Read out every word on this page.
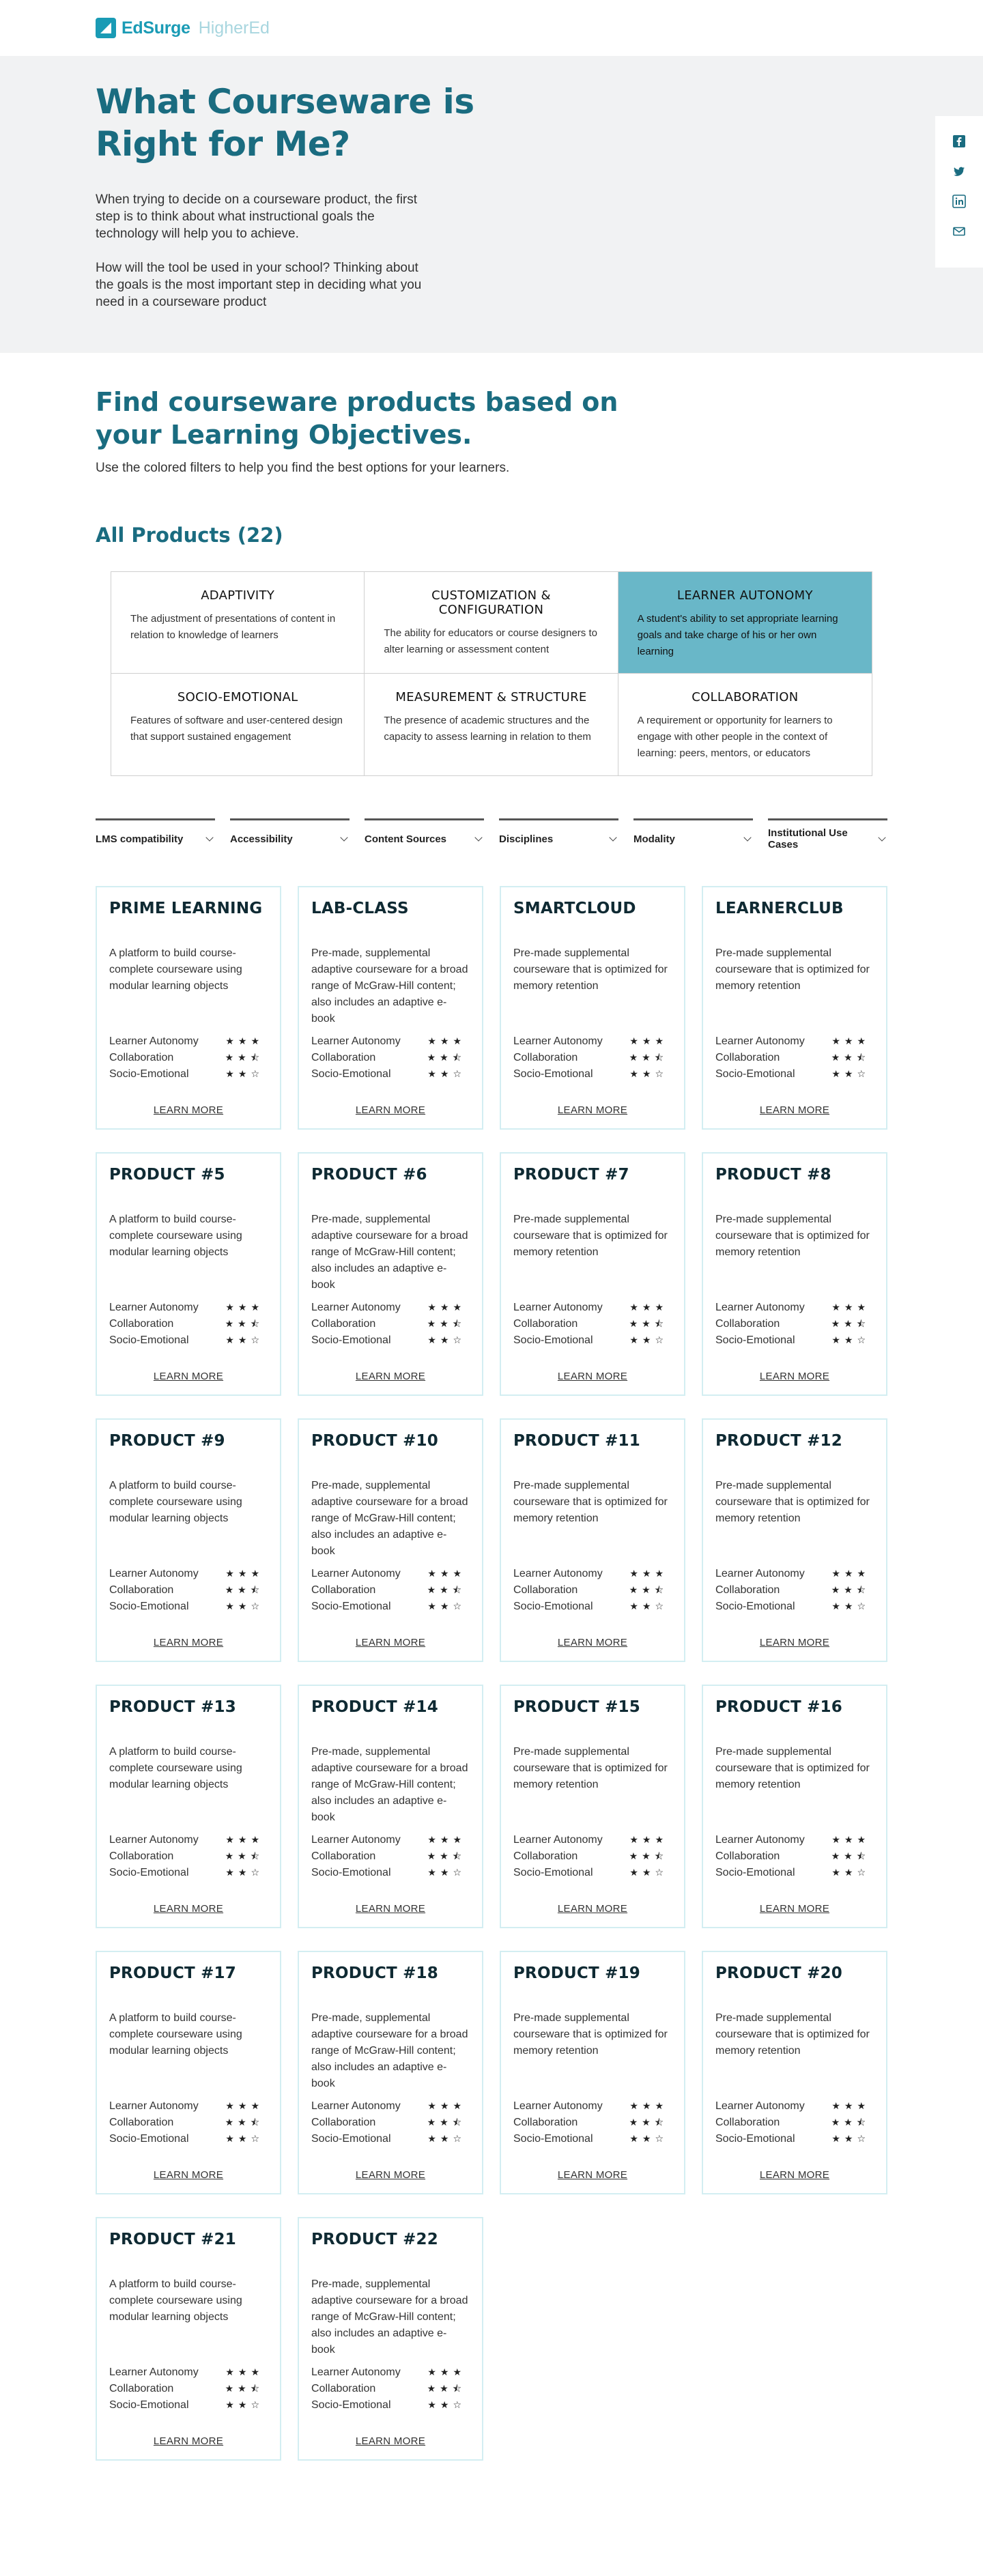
EdSurge HigherEd
What Courseware is Right for Me?

When trying to decide on a courseware product, the first step is to think about what instructional goals the technology will help you to achieve.

How will the tool be used in your school? Thinking about the goals is the most important step in deciding what you need in a courseware product

Find courseware products based on your Learning Objectives.

Use the colored filters to help you find the best options for your learners.

All Products (22)
ADAPTIVITY
The adjustment of presentations of content in relation to knowledge of learners
CUSTOMIZATION & CONFIGURATION
The ability for educators or course designers to alter learning or assessment content
LEARNER AUTONOMY
A student's ability to set appropriate learning goals and take charge of his or her own learning
SOCIO-EMOTIONAL
Features of software and user-centered design that support sustained engagement
MEASUREMENT & STRUCTURE
The presence of academic structures and the capacity to assess learning in relation to them
COLLABORATION
A requirement or opportunity for learners to engage with other people in the context of learning: peers, mentors, or educators
LMS compatibility	Accessibility	Content Sources	Disciplines	Modality	Institutional Use Cases
PRIME LEARNING
A platform to build course-complete courseware using modular learning objects
Learner Autonomy	★★★
Collaboration	★★⯪
Socio-Emotional	★★☆
LEARN MORE
LAB-CLASS
Pre-made, supplemental adaptive courseware for a broad range of McGraw-Hill content; also includes an adaptive e-book
Learner Autonomy	★★★
Collaboration	★★⯪
Socio-Emotional	★★☆
LEARN MORE
SMARTCLOUD
Pre-made supplemental courseware that is optimized for memory retention
Learner Autonomy	★★★
Collaboration	★★⯪
Socio-Emotional	★★☆
LEARN MORE
LEARNERCLUB
Pre-made supplemental courseware that is optimized for memory retention
Learner Autonomy	★★★
Collaboration	★★⯪
Socio-Emotional	★★☆
LEARN MORE
PRODUCT #5
A platform to build course-complete courseware using modular learning objects
Learner Autonomy	★★★
Collaboration	★★⯪
Socio-Emotional	★★☆
LEARN MORE
PRODUCT #6
Pre-made, supplemental adaptive courseware for a broad range of McGraw-Hill content; also includes an adaptive e-book
Learner Autonomy	★★★
Collaboration	★★⯪
Socio-Emotional	★★☆
LEARN MORE
PRODUCT #7
Pre-made supplemental courseware that is optimized for memory retention
Learner Autonomy	★★★
Collaboration	★★⯪
Socio-Emotional	★★☆
LEARN MORE
PRODUCT #8
Pre-made supplemental courseware that is optimized for memory retention
Learner Autonomy	★★★
Collaboration	★★⯪
Socio-Emotional	★★☆
LEARN MORE
PRODUCT #9
A platform to build course-complete courseware using modular learning objects
Learner Autonomy	★★★
Collaboration	★★⯪
Socio-Emotional	★★☆
LEARN MORE
PRODUCT #10
Pre-made, supplemental adaptive courseware for a broad range of McGraw-Hill content; also includes an adaptive e-book
Learner Autonomy	★★★
Collaboration	★★⯪
Socio-Emotional	★★☆
LEARN MORE
PRODUCT #11
Pre-made supplemental courseware that is optimized for memory retention
Learner Autonomy	★★★
Collaboration	★★⯪
Socio-Emotional	★★☆
LEARN MORE
PRODUCT #12
Pre-made supplemental courseware that is optimized for memory retention
Learner Autonomy	★★★
Collaboration	★★⯪
Socio-Emotional	★★☆
LEARN MORE
PRODUCT #13
A platform to build course-complete courseware using modular learning objects
Learner Autonomy	★★★
Collaboration	★★⯪
Socio-Emotional	★★☆
LEARN MORE
PRODUCT #14
Pre-made, supplemental adaptive courseware for a broad range of McGraw-Hill content; also includes an adaptive e-book
Learner Autonomy	★★★
Collaboration	★★⯪
Socio-Emotional	★★☆
LEARN MORE
PRODUCT #15
Pre-made supplemental courseware that is optimized for memory retention
Learner Autonomy	★★★
Collaboration	★★⯪
Socio-Emotional	★★☆
LEARN MORE
PRODUCT #16
Pre-made supplemental courseware that is optimized for memory retention
Learner Autonomy	★★★
Collaboration	★★⯪
Socio-Emotional	★★☆
LEARN MORE
PRODUCT #17
A platform to build course-complete courseware using modular learning objects
Learner Autonomy	★★★
Collaboration	★★⯪
Socio-Emotional	★★☆
LEARN MORE
PRODUCT #18
Pre-made, supplemental adaptive courseware for a broad range of McGraw-Hill content; also includes an adaptive e-book
Learner Autonomy	★★★
Collaboration	★★⯪
Socio-Emotional	★★☆
LEARN MORE
PRODUCT #19
Pre-made supplemental courseware that is optimized for memory retention
Learner Autonomy	★★★
Collaboration	★★⯪
Socio-Emotional	★★☆
LEARN MORE
PRODUCT #20
Pre-made supplemental courseware that is optimized for memory retention
Learner Autonomy	★★★
Collaboration	★★⯪
Socio-Emotional	★★☆
LEARN MORE
PRODUCT #21
A platform to build course-complete courseware using modular learning objects
Learner Autonomy	★★★
Collaboration	★★⯪
Socio-Emotional	★★☆
LEARN MORE
PRODUCT #22
Pre-made, supplemental adaptive courseware for a broad range of McGraw-Hill content; also includes an adaptive e-book
Learner Autonomy	★★★
Collaboration	★★⯪
Socio-Emotional	★★☆
LEARN MORE
